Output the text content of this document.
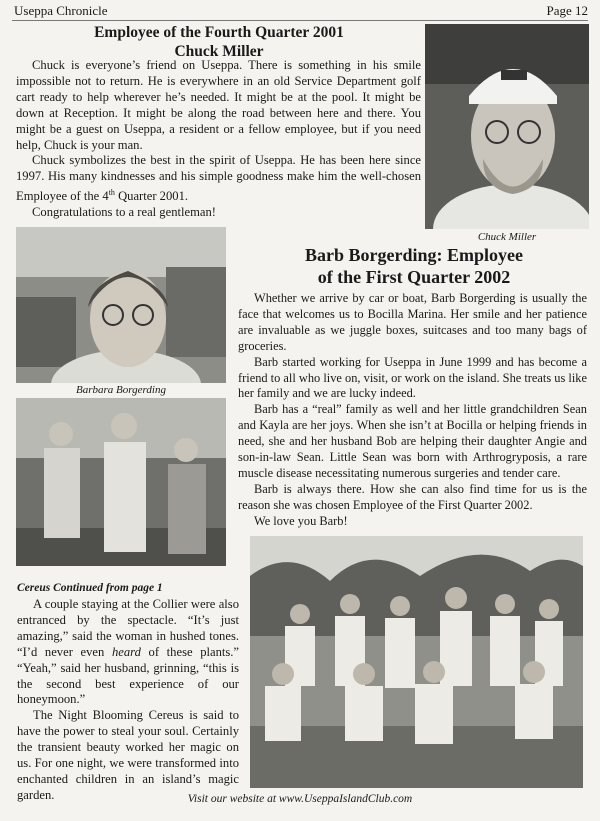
Useppa Chronicle	Page 12
Employee of the Fourth Quarter 2001
Chuck Miller

Chuck is everyone’s friend on Useppa. There is something in his smile impossible not to return. He is everywhere in an old Service Department golf cart ready to help wherever he’s needed. It might be at the pool. It might be down at Reception. It might be along the road between here and there. You might be a guest on Useppa, a resident or a fellow employee, but if you need help, Chuck is your man.

Chuck symbolizes the best in the spirit of Useppa. He has been here since 1997. His many kindnesses and his simple goodness make him the well-chosen Employee of the 4th Quarter 2001.

Congratulations to a real gentleman!

Chuck Miller
Barbara Borgerding
Barb Borgerding: Employee
of the First Quarter 2002

Whether we arrive by car or boat, Barb Borgerding is usually the face that welcomes us to Bocilla Marina. Her smile and her patience are invaluable as we juggle boxes, suitcases and too many bags of groceries.

Barb started working for Useppa in June 1999 and has become a friend to all who live on, visit, or work on the island. She treats us like her family and we are lucky indeed.

Barb has a “real” family as well and her little grandchildren Sean and Kayla are her joys. When she isn’t at Bocilla or helping friends in need, she and her husband Bob are helping their daughter Angie and son-in-law Sean. Little Sean was born with Arthrogryposis, a rare muscle disease necessitating numerous surgeries and tender care.

Barb is always there. How she can also find time for us is the reason she was chosen Employee of the First Quarter 2002.

We love you Barb!

Cereus Continued from page 1

A couple staying at the Collier were also entranced by the spectacle. “It’s just amazing,” said the woman in hushed tones. “I’d never even heard of these plants.” “Yeah,” said her husband, grinning, “this is the second best experience of our honeymoon.”

The Night Blooming Cereus is said to have the power to steal your soul. Certainly the transient beauty worked her magic on us. For one night, we were transformed into enchanted children in an island’s magic garden.	Visit our website at www.UseppaIslandClub.com
